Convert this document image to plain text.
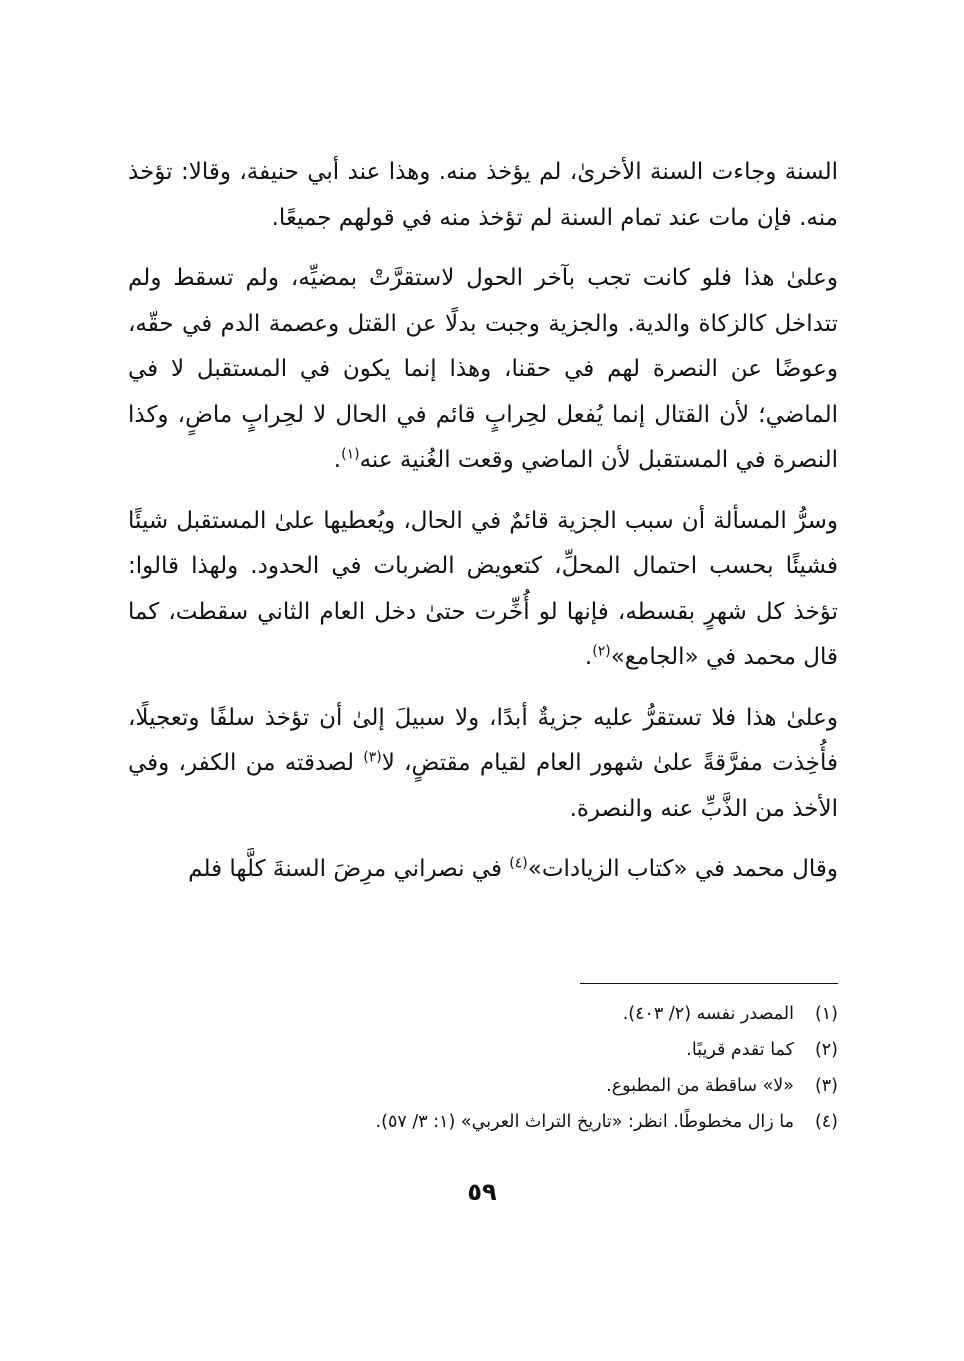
السنة وجاءت السنة الأخرىٰ، لم يؤخذ منه. وهذا عند أبي حنيفة، وقالا: تؤخذ منه. فإن مات عند تمام السنة لم تؤخذ منه في قولهم جميعًا.

وعلىٰ هذا فلو كانت تجب بآخر الحول لاستقرَّتْ بمضيِّه، ولم تسقط ولم تتداخل كالزكاة والدية. والجزية وجبت بدلًا عن القتل وعصمة الدم في حقّه، وعوضًا عن النصرة لهم في حقنا، وهذا إنما يكون في المستقبل لا في الماضي؛ لأن القتال إنما يُفعل لحِرابٍ قائم في الحال لا لحِرابٍ ماضٍ، وكذا النصرة في المستقبل لأن الماضي وقعت الغُنية عنه$^{(١)}$.

وسرُّ المسألة أن سبب الجزية قائمٌ في الحال، ويُعطيها علىٰ المستقبل شيئًا فشيئًا بحسب احتمال المحلِّ، كتعويض الضربات في الحدود. ولهذا قالوا: تؤخذ كل شهرٍ بقسطه، فإنها لو أُخِّرت حتىٰ دخل العام الثاني سقطت، كما قال محمد في «الجامع»$^{(٢)}$.

وعلىٰ هذا فلا تستقرُّ عليه جزيةٌ أبدًا، ولا سبيلَ إلىٰ أن تؤخذ سلفًا وتعجيلًا، فأُخِذت مفرَّقةً علىٰ شهور العام لقيام مقتضٍ، لا$^{(٣)}$ لصدقته من الكفر، وفي الأخذ من الذَّبِّ عنه والنصرة.

وقال محمد في «كتاب الزيادات»$^{(٤)}$ في نصراني مرِضَ السنةَ كلَّها فلم

(١)المصدر نفسه (٢/ ٤٠٣).
(٢)كما تقدم قريبًا.
(٣)«لا» ساقطة من المطبوع.
(٤)ما زال مخطوطًا. انظر: «تاريخ التراث العربي» (١: ٣/ ٥٧).
٥٩
